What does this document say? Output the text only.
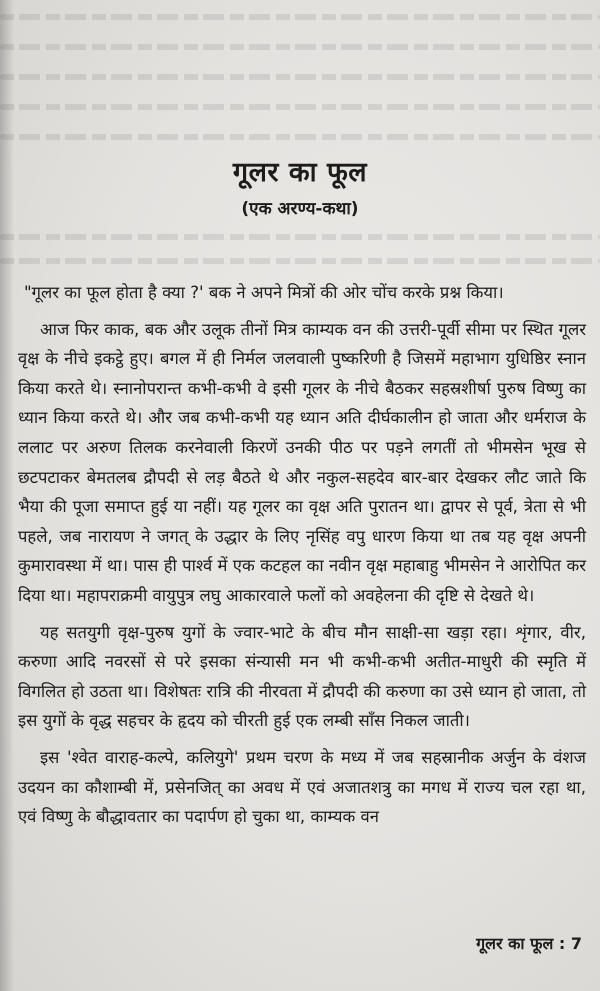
गूलर का फूल
(एक अरण्य-कथा)

"गूलर का फूल होता है क्या ?' बक ने अपने मित्रों की ओर चोंच करके प्रश्न किया।

आज फिर काक, बक और उलूक तीनों मित्र काम्यक वन की उत्तरी-पूर्वी सीमा पर स्थित गूलर वृक्ष के नीचे इकट्ठे हुए। बगल में ही निर्मल जलवाली पुष्करिणी है जिसमें महाभाग युधिष्ठिर स्नान किया करते थे। स्नानोपरान्त कभी-कभी वे इसी गूलर के नीचे बैठकर सहस्रशीर्षा पुरुष विष्णु का ध्यान किया करते थे। और जब कभी-कभी यह ध्यान अति दीर्घकालीन हो जाता और धर्मराज के ललाट पर अरुण तिलक करनेवाली किरणें उनकी पीठ पर पड़ने लगतीं तो भीमसेन भूख से छटपटाकर बेमतलब द्रौपदी से लड़ बैठते थे और नकुल-सहदेव बार-बार देखकर लौट जाते कि भैया की पूजा समाप्त हुई या नहीं। यह गूलर का वृक्ष अति पुरातन था। द्वापर से पूर्व, त्रेता से भी पहले, जब नारायण ने जगत् के उद्धार के लिए नृसिंह वपु धारण किया था तब यह वृक्ष अपनी कुमारावस्था में था। पास ही पार्श्व में एक कटहल का नवीन वृक्ष महाबाहु भीमसेन ने आरोपित कर दिया था। महापराक्रमी वायुपुत्र लघु आकारवाले फलों को अवहेलना की दृष्टि से देखते थे।

यह सतयुगी वृक्ष-पुरुष युगों के ज्वार-भाटे के बीच मौन साक्षी-सा खड़ा रहा। शृंगार, वीर, करुणा आदि नवरसों से परे इसका संन्यासी मन भी कभी-कभी अतीत-माधुरी की स्मृति में विगलित हो उठता था। विशेषतः रात्रि की नीरवता में द्रौपदी की करुणा का उसे ध्यान हो जाता, तो इस युगों के वृद्ध सहचर के हृदय को चीरती हुई एक लम्बी साँस निकल जाती।

इस 'श्वेत वाराह-कल्पे, कलियुगे' प्रथम चरण के मध्य में जब सहस्रानीक अर्जुन के वंशज उदयन का कौशाम्बी में, प्रसेनजित् का अवध में एवं अजातशत्रु का मगध में राज्य चल रहा था, एवं विष्णु के बौद्धावतार का पदार्पण हो चुका था, काम्यक वन

गूलर का फूल : 7
